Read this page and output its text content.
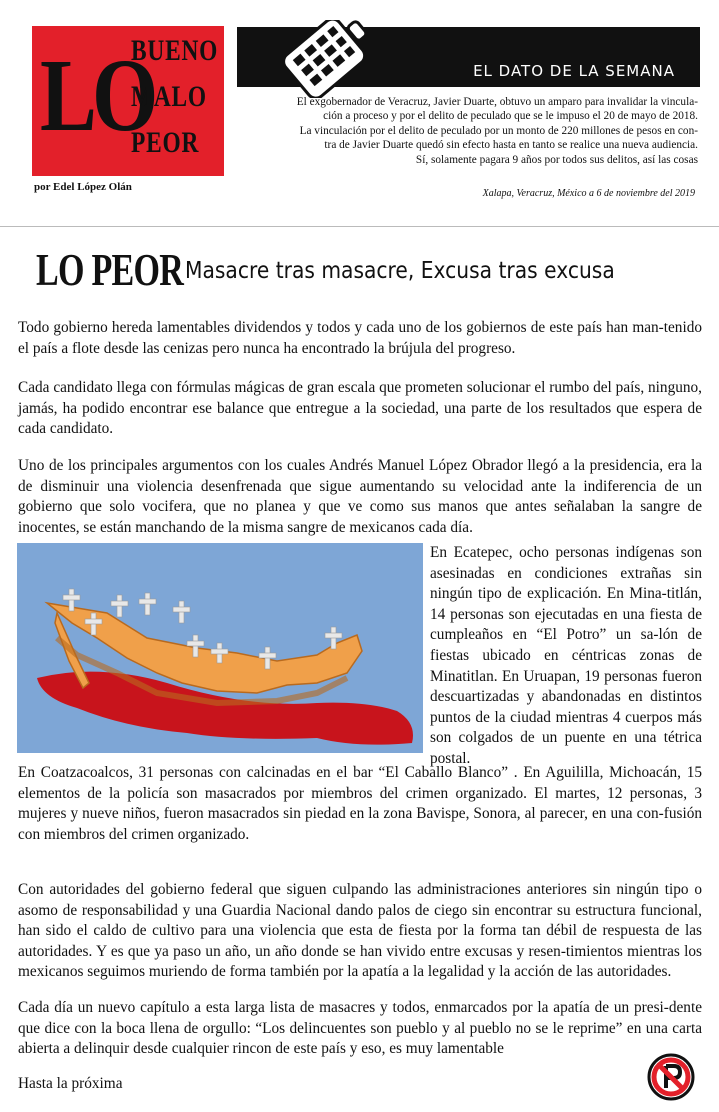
LO
BUENO
MALO
PEOR
por Edel López Olán
EL DATO DE LA SEMANA

El exgobernador de Veracruz, Javier Duarte, obtuvo un amparo para invalidar la vincula-

ción a proceso y por el delito de peculado que se le impuso el 20 de mayo de 2018.

La vinculación por el delito de peculado por un monto de 220 millones de pesos en con-

tra de Javier Duarte quedó sin efecto hasta en tanto se realice una nueva audiencia.

Sí, solamente pagara 9 años por todos sus delitos, así las cosas

Xalapa, Veracruz, México a 6 de noviembre del 2019
LO PEOR Masacre tras masacre, Excusa tras excusa

Todo gobierno hereda lamentables dividendos y todos y cada uno de los gobiernos de este país han man-tenido el país a flote desde las cenizas pero nunca ha encontrado la brújula del progreso.

Cada candidato llega con fórmulas mágicas de gran escala que prometen solucionar el rumbo del país, ninguno, jamás, ha podido encontrar ese balance que entregue a la sociedad, una parte de los resultados que espera de cada candidato.

Uno de los principales argumentos con los cuales Andrés Manuel López Obrador llegó a la presidencia, era la de disminuir una violencia desenfrenada que sigue aumentando su velocidad ante la indiferencia de un gobierno que solo vocifera, que no planea y que ve como sus manos que antes señalaban la sangre de inocentes, se están manchando de la misma sangre de mexicanos cada día.

En Ecatepec, ocho personas indígenas son asesinadas en condiciones extrañas sin ningún tipo de explicación. En Mina-titlán, 14 personas son ejecutadas en una fiesta de cumpleaños en “El Potro” un sa-lón de fiestas ubicado en céntricas zonas de Minatitlan. En Uruapan, 19 personas fueron descuartizadas y abandonadas en distintos puntos de la ciudad mientras 4 cuerpos más son colgados de un puente en una tétrica postal.

En Coatzacoalcos, 31 personas con calcinadas en el bar “El Caballo Blanco” . En Aguililla, Michoacán, 15 elementos de la policía son masacrados por miembros del crimen organizado. El martes, 12 personas, 3 mujeres y nueve niños, fueron masacrados sin piedad en la zona Bavispe, Sonora, al parecer, en una con-fusión con miembros del crimen organizado.

Con autoridades del gobierno federal que siguen culpando las administraciones anteriores sin ningún tipo o asomo de responsabilidad y una Guardia Nacional dando palos de ciego sin encontrar su estructura funcional, han sido el caldo de cultivo para una violencia que esta de fiesta por la forma tan débil de respuesta de las autoridades. Y es que ya paso un año, un año donde se han vivido entre excusas y resen-timientos mientras los mexicanos seguimos muriendo de forma también por la apatía a la legalidad y la acción de las autoridades.

Cada día un nuevo capítulo a esta larga lista de masacres y todos, enmarcados por la apatía de un presi-dente que dice con la boca llena de orgullo: “Los delincuentes son pueblo y al pueblo no se le reprime” en una carta abierta a delinquir desde cualquier rincon de este país y eso, es muy lamentable

Hasta la próxima
